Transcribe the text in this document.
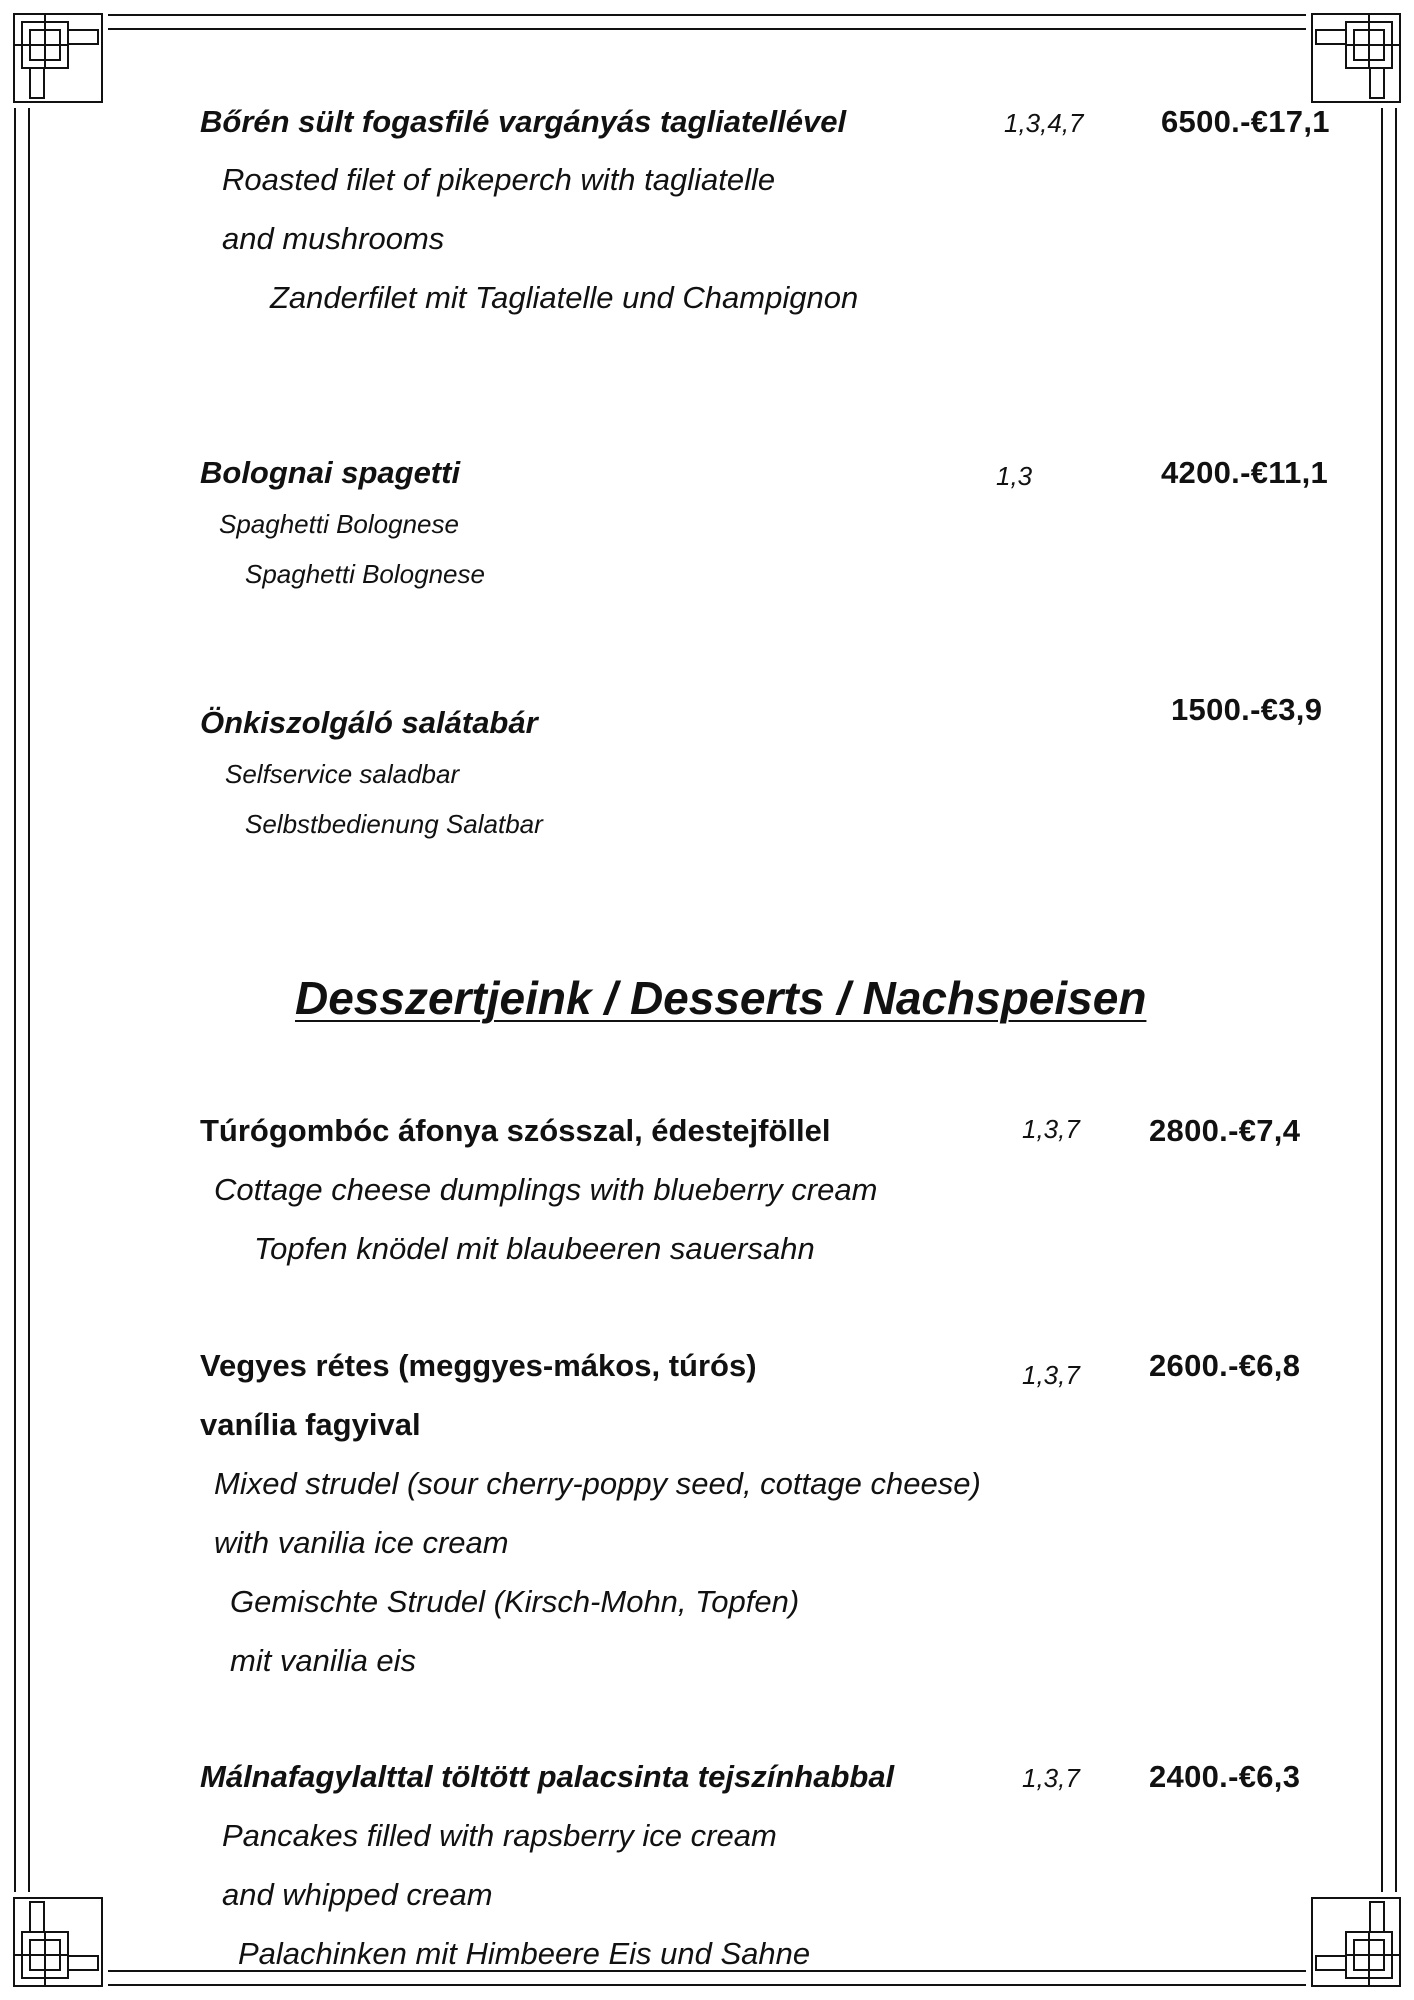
Bőrén sült fogasfilé vargányás tagliatellével	1,3,4,7 6500.-€17,1
Roasted filet of pikeperch with tagliatelle
and mushrooms
Zanderfilet mit Tagliatelle und Champignon
Bolognai spagetti	1,3	4200.-€11,1
Spaghetti Bolognese
Spaghetti Bolognese
Önkiszolgáló salátabár	1500.-€3,9
Selfservice saladbar
Selbstbedienung Salatbar
Desszertjeink / Desserts / Nachspeisen
Túrógombóc áfonya szósszal, édestejföllel	1,3,7 2800.-€7,4
Cottage cheese dumplings with blueberry cream
Topfen knödel mit blaubeeren sauersahn
Vegyes rétes (meggyes-mákos, túrós)	1,3,7 2600.-€6,8
vanília fagyival
Mixed strudel (sour cherry-poppy seed, cottage cheese)
with vanilia ice cream
Gemischte Strudel (Kirsch-Mohn, Topfen)
mit vanilia eis
Málnafagylalttal töltött palacsinta tejszínhabbal	1,3,7 2400.-€6,3
Pancakes filled with rapsberry ice cream
and whipped cream
Palachinken mit Himbeere Eis und Sahne
